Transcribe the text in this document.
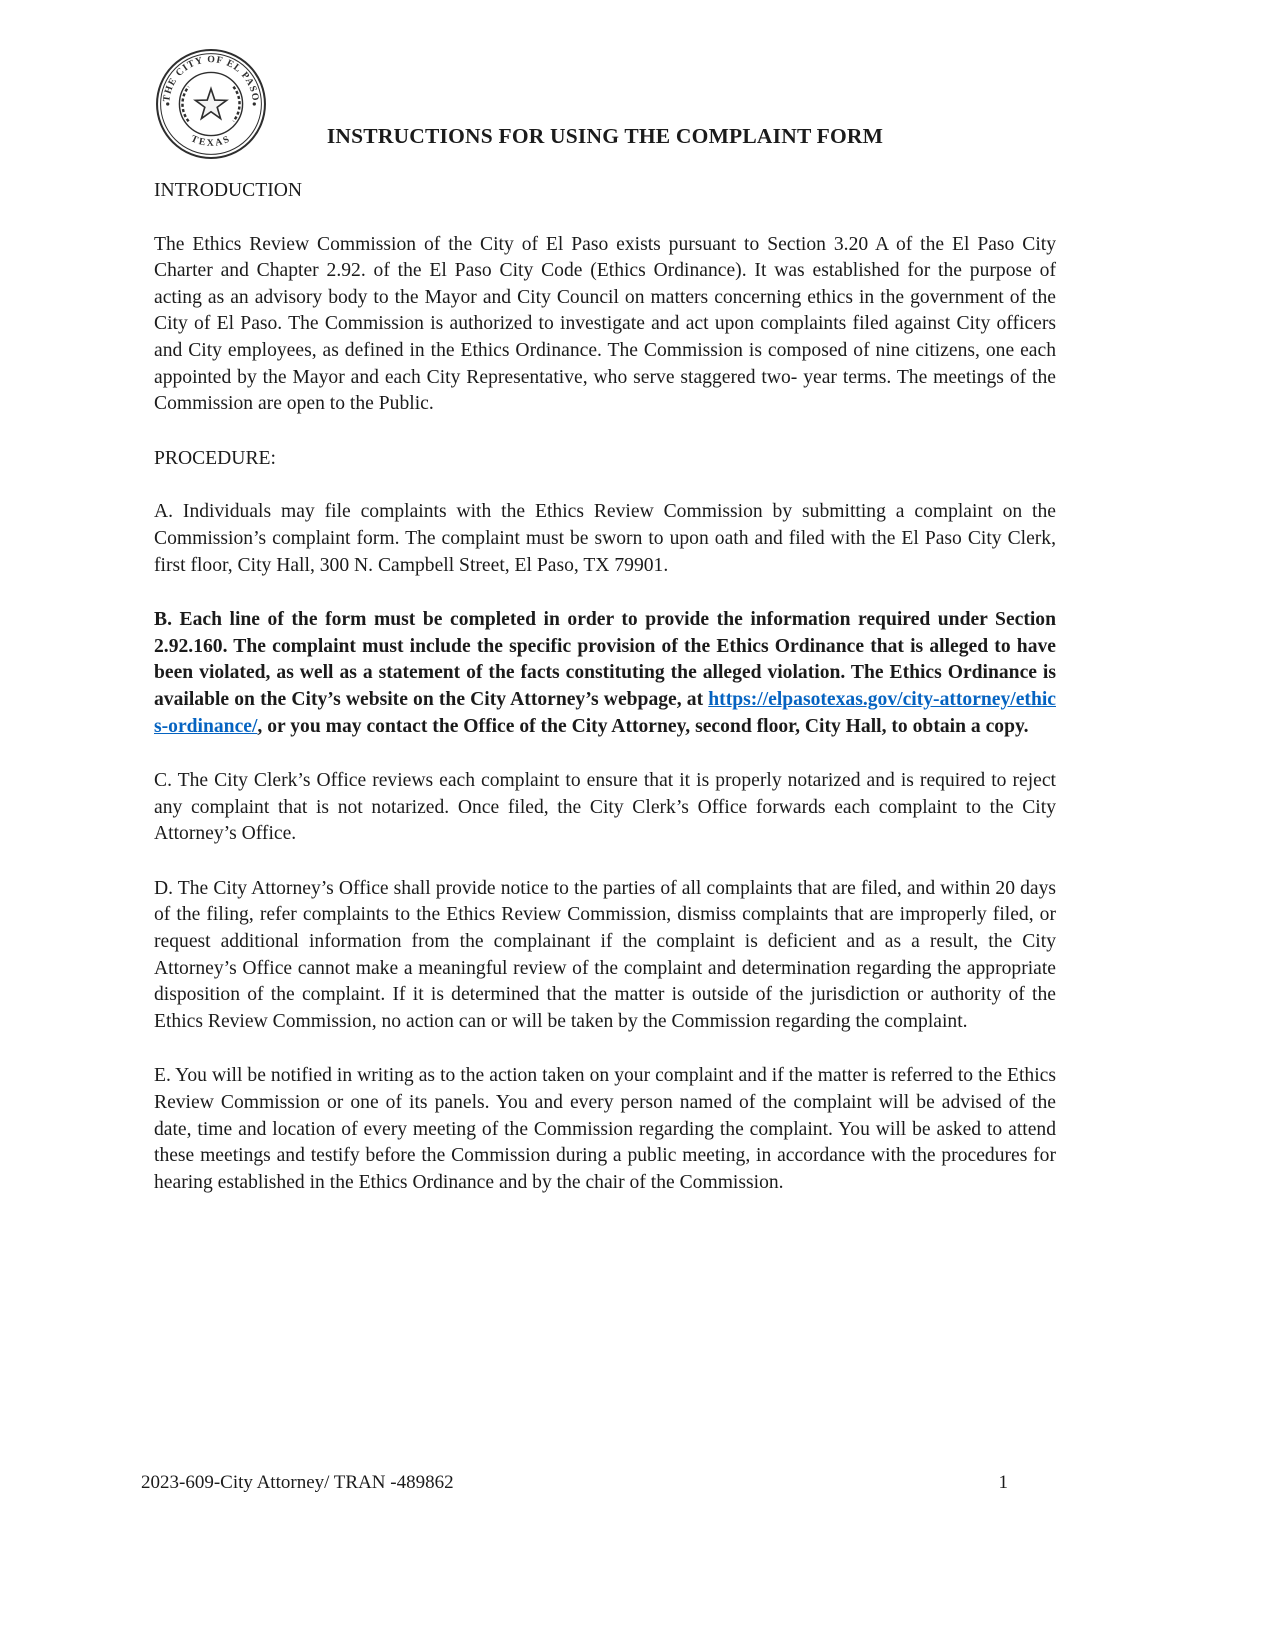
THE CITY OF EL PASO
TEXAS	INSTRUCTIONS FOR USING THE COMPLAINT FORM

INTRODUCTION

The Ethics Review Commission of the City of El Paso exists pursuant to Section 3.20 A of the El Paso City Charter and Chapter 2.92. of the El Paso City Code (Ethics Ordinance). It was established for the purpose of acting as an advisory body to the Mayor and City Council on matters concerning ethics in the government of the City of El Paso. The Commission is authorized to investigate and act upon complaints filed against City officers and City employees, as defined in the Ethics Ordinance. The Commission is composed of nine citizens, one each appointed by the Mayor and each City Representative, who serve staggered two- year terms. The meetings of the Commission are open to the Public.

PROCEDURE:

A. Individuals may file complaints with the Ethics Review Commission by submitting a complaint on the Commission’s complaint form. The complaint must be sworn to upon oath and filed with the El Paso City Clerk, first floor, City Hall, 300 N. Campbell Street, El Paso, TX 79901.

B. Each line of the form must be completed in order to provide the information required under Section 2.92.160. The complaint must include the specific provision of the Ethics Ordinance that is alleged to have been violated, as well as a statement of the facts constituting the alleged violation. The Ethics Ordinance is available on the City’s website on the City Attorney’s webpage, at https://elpasotexas.gov/city-attorney/ethics-ordinance/, or you may contact the Office of the City Attorney, second floor, City Hall, to obtain a copy.

C. The City Clerk’s Office reviews each complaint to ensure that it is properly notarized and is required to reject any complaint that is not notarized. Once filed, the City Clerk’s Office forwards each complaint to the City Attorney’s Office.

D. The City Attorney’s Office shall provide notice to the parties of all complaints that are filed, and within 20 days of the filing, refer complaints to the Ethics Review Commission, dismiss complaints that are improperly filed, or request additional information from the complainant if the complaint is deficient and as a result, the City Attorney’s Office cannot make a meaningful review of the complaint and determination regarding the appropriate disposition of the complaint. If it is determined that the matter is outside of the jurisdiction or authority of the Ethics Review Commission, no action can or will be taken by the Commission regarding the complaint.

E. You will be notified in writing as to the action taken on your complaint and if the matter is referred to the Ethics Review Commission or one of its panels. You and every person named of the complaint will be advised of the date, time and location of every meeting of the Commission regarding the complaint. You will be asked to attend these meetings and testify before the Commission during a public meeting, in accordance with the procedures for hearing established in the Ethics Ordinance and by the chair of the Commission.

2023-609-City Attorney/ TRAN -489862	1
